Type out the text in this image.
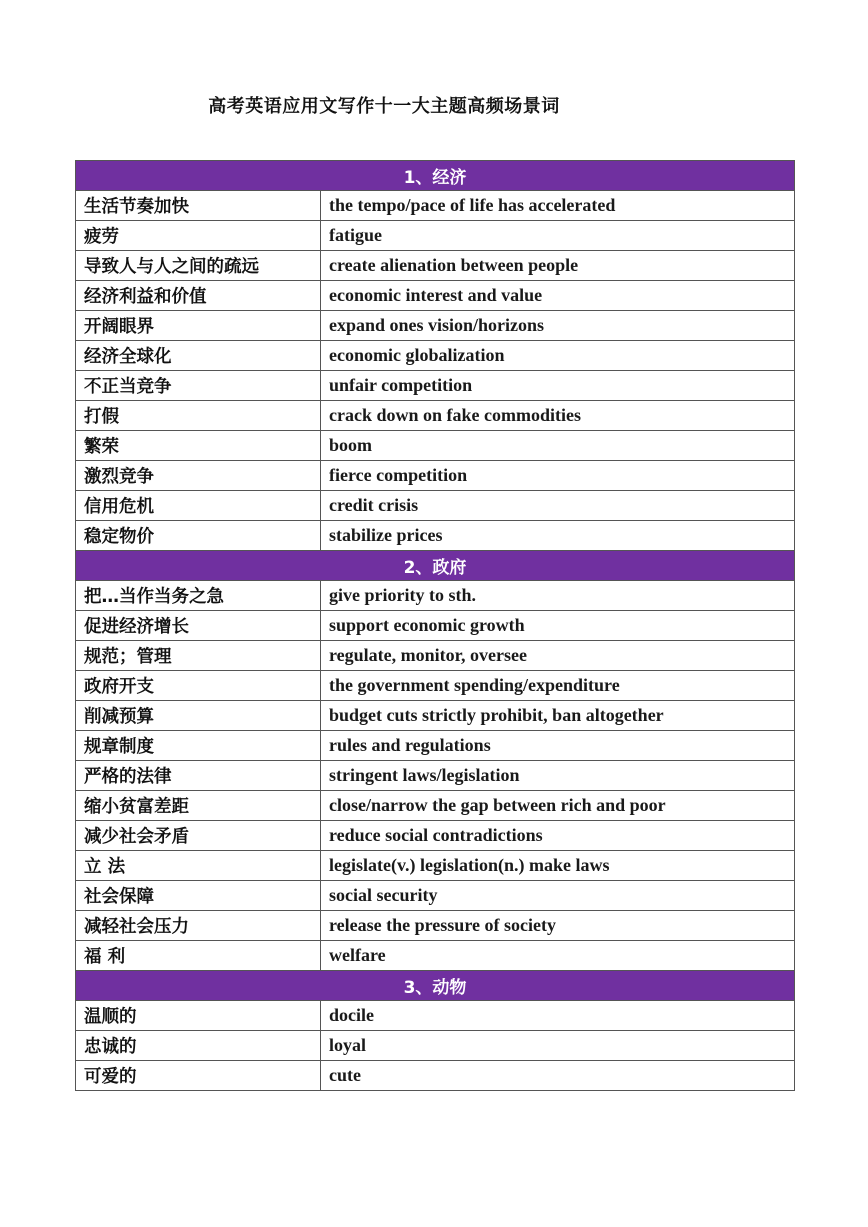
高考英语应用文写作十一大主题高频场景词
1、经济	
生活节奏加快	the tempo/pace of life has accelerated
疲劳	fatigue
导致人与人之间的疏远	create alienation between people
经济利益和价值	economic interest and value
开阔眼界	expand ones vision/horizons
经济全球化	economic globalization
不正当竞争	unfair competition
打假	crack down on fake commodities
繁荣	boom
激烈竞争	fierce competition
信用危机	credit crisis
稳定物价	stabilize prices
2、政府	
把…当作当务之急	give priority to sth.
促进经济增长	support economic growth
规范；管理	regulate, monitor, oversee
政府开支	the government spending/expenditure
削减预算	budget cuts strictly prohibit, ban altogether
规章制度	rules and regulations
严格的法律	stringent laws/legislation
缩小贫富差距	close/narrow the gap between rich and poor
减少社会矛盾	reduce social contradictions
立 法	legislate(v.) legislation(n.) make laws
社会保障	social security
减轻社会压力	release the pressure of society
福 利	welfare
3、动物	
温顺的	docile
忠诚的	loyal
可爱的	cute
